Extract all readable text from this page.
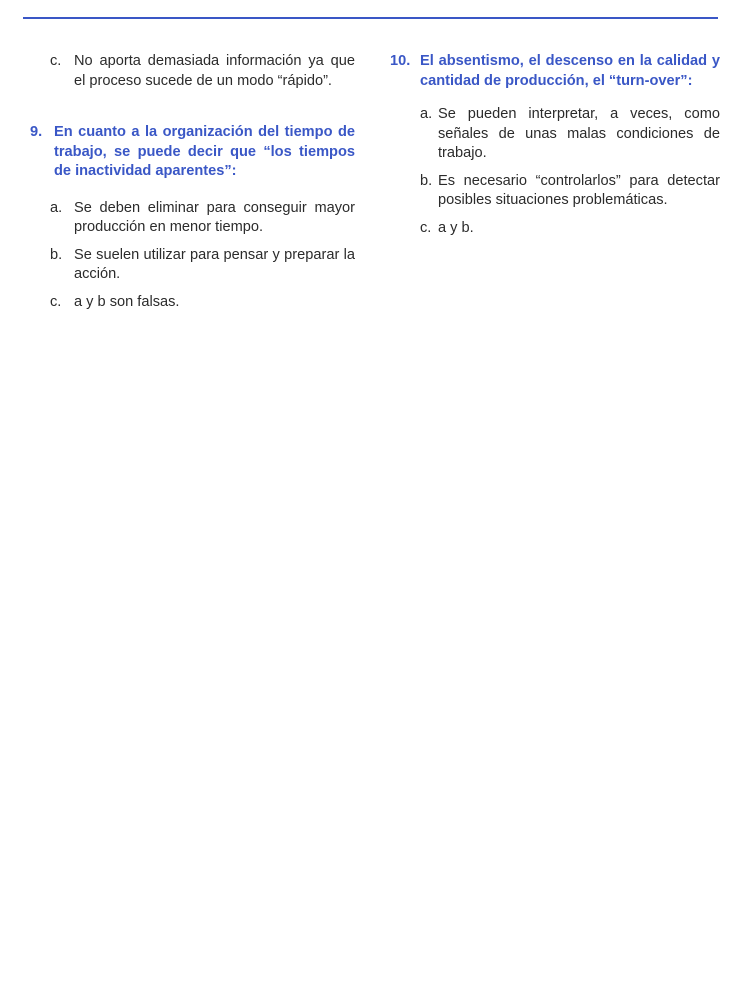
c. No aporta demasiada información ya que el proceso sucede de un modo “rápido”.
9. En cuanto a la organización del tiempo de trabajo, se puede decir que “los tiempos de inactividad aparentes”:
a. Se deben eliminar para conseguir mayor producción en menor tiempo.
b. Se suelen utilizar para pensar y preparar la acción.
c. a y b son falsas.
10. El absentismo, el descenso en la calidad y cantidad de producción, el “turn-over”:
a. Se pueden interpretar, a veces, como señales de unas malas condiciones de trabajo.
b. Es necesario “controlarlos” para detectar posibles situaciones problemáticas.
c. a y b.
